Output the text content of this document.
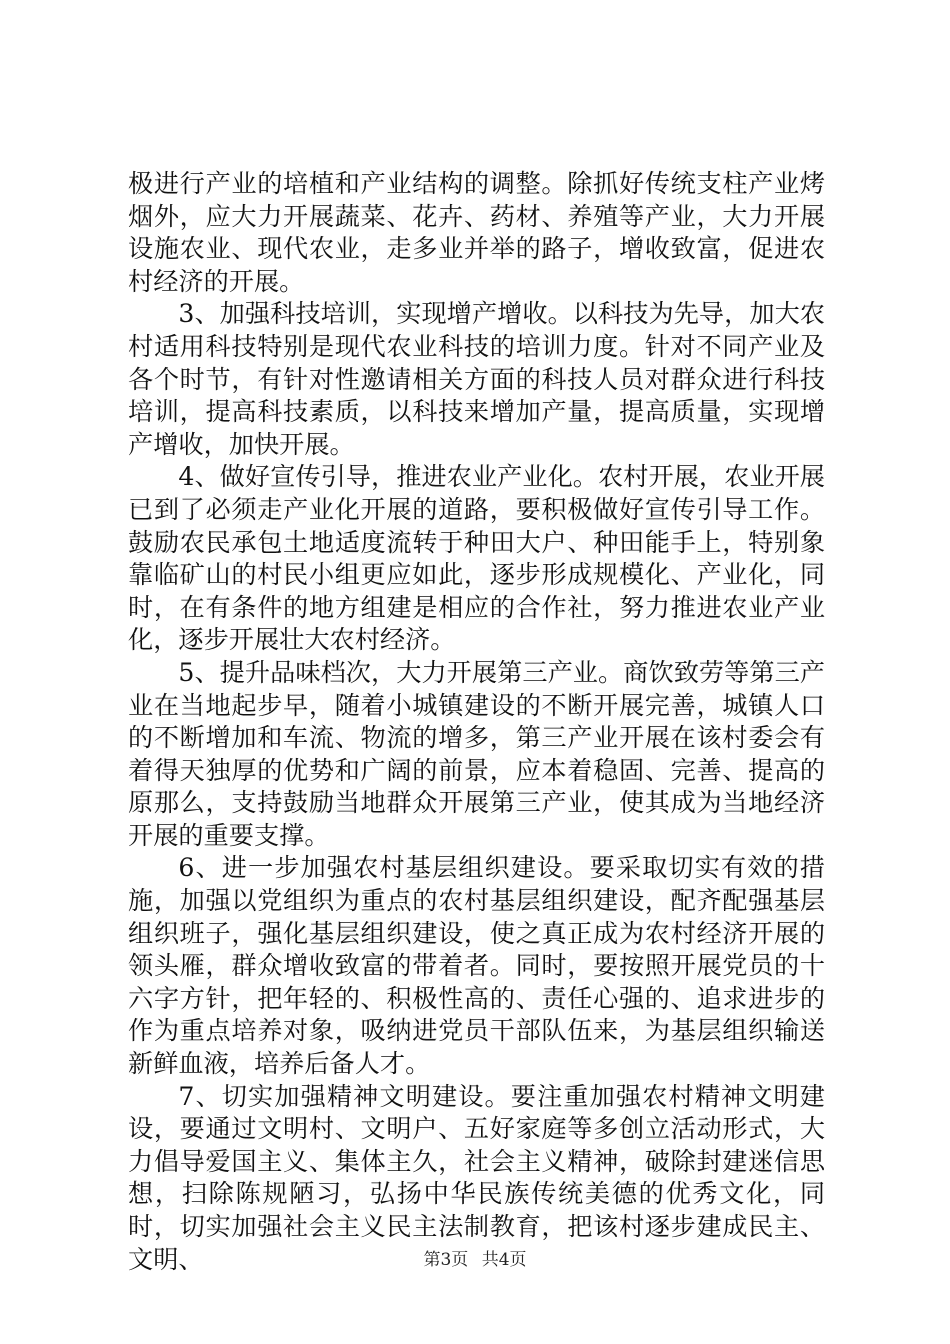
极进行产业的培植和产业结构的调整。除抓好传统支柱产业烤烟外，应大力开展蔬菜、花卉、药材、养殖等产业，大力开展设施农业、现代农业，走多业并举的路子，增收致富，促进农村经济的开展。

3、加强科技培训，实现增产增收。以科技为先导，加大农村适用科技特别是现代农业科技的培训力度。针对不同产业及各个时节，有针对性邀请相关方面的科技人员对群众进行科技培训，提高科技素质，以科技来增加产量，提高质量，实现增产增收，加快开展。

4、做好宣传引导，推进农业产业化。农村开展，农业开展已到了必须走产业化开展的道路，要积极做好宣传引导工作。鼓励农民承包土地适度流转于种田大户、种田能手上，特别象靠临矿山的村民小组更应如此，逐步形成规模化、产业化，同时，在有条件的地方组建是相应的合作社，努力推进农业产业化，逐步开展壮大农村经济。

5、提升品味档次，大力开展第三产业。商饮致劳等第三产业在当地起步早，随着小城镇建设的不断开展完善，城镇人口的不断增加和车流、物流的增多，第三产业开展在该村委会有着得天独厚的优势和广阔的前景，应本着稳固、完善、提高的原那么，支持鼓励当地群众开展第三产业，使其成为当地经济开展的重要支撑。

6、进一步加强农村基层组织建设。要采取切实有效的措施，加强以党组织为重点的农村基层组织建设，配齐配强基层组织班子，强化基层组织建设，使之真正成为农村经济开展的领头雁，群众增收致富的带着者。同时，要按照开展党员的十六字方针，把年轻的、积极性高的、责任心强的、追求进步的作为重点培养对象，吸纳进党员干部队伍来，为基层组织输送新鲜血液，培养后备人才。

7、切实加强精神文明建设。要注重加强农村精神文明建设，要通过文明村、文明户、五好家庭等多创立活动形式，大力倡导爱国主义、集体主久，社会主义精神，破除封建迷信思想，扫除陈规陋习，弘扬中华民族传统美德的优秀文化，同时，切实加强社会主义民主法制教育，把该村逐步建成民主、文明、	第3页 共4页
